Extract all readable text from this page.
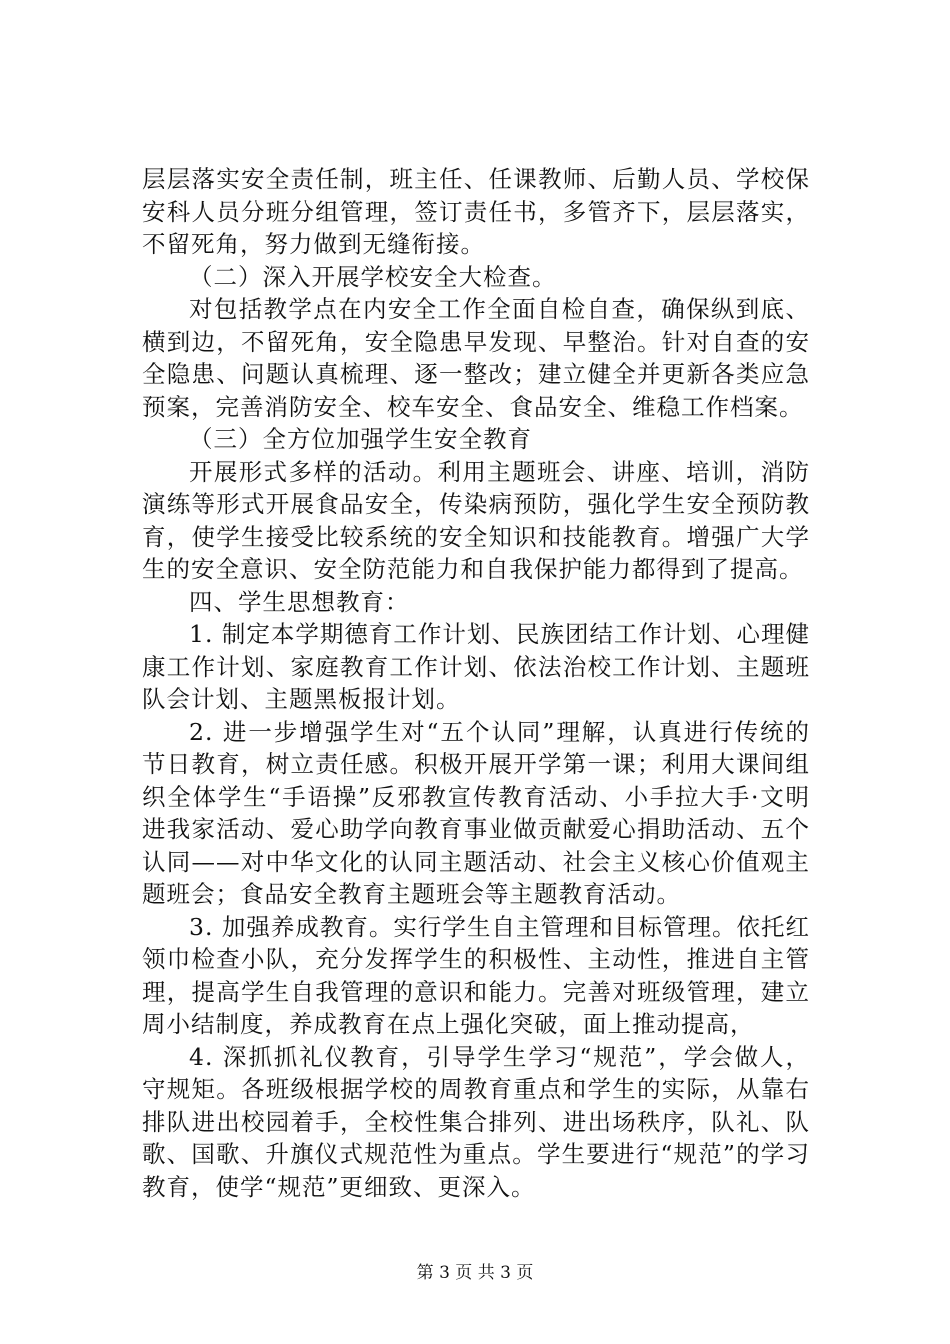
层层落实安全责任制，班主任、任课教师、后勤人员、学校保安科人员分班分组管理，签订责任书，多管齐下，层层落实，不留死角，努力做到无缝衔接。

（二）深入开展学校安全大检查。

对包括教学点在内安全工作全面自检自查，确保纵到底、横到边，不留死角，安全隐患早发现、早整治。针对自查的安全隐患、问题认真梳理、逐一整改；建立健全并更新各类应急预案，完善消防安全、校车安全、食品安全、维稳工作档案。

（三）全方位加强学生安全教育

开展形式多样的活动。利用主题班会、讲座、培训，消防演练等形式开展食品安全，传染病预防，强化学生安全预防教育，使学生接受比较系统的安全知识和技能教育。增强广大学生的安全意识、安全防范能力和自我保护能力都得到了提高。

四、学生思想教育：

1. 制定本学期德育工作计划、民族团结工作计划、心理健康工作计划、家庭教育工作计划、依法治校工作计划、主题班队会计划、主题黑板报计划。

2. 进一步增强学生对“五个认同”理解，认真进行传统的节日教育，树立责任感。积极开展开学第一课；利用大课间组织全体学生“手语操”反邪教宣传教育活动、小手拉大手·文明进我家活动、爱心助学向教育事业做贡献爱心捐助活动、五个认同——对中华文化的认同主题活动、社会主义核心价值观主题班会；食品安全教育主题班会等主题教育活动。

3. 加强养成教育。实行学生自主管理和目标管理。依托红领巾检查小队，充分发挥学生的积极性、主动性，推进自主管理，提高学生自我管理的意识和能力。完善对班级管理，建立周小结制度，养成教育在点上强化突破，面上推动提高，

4. 深抓抓礼仪教育，引导学生学习“规范”，学会做人，守规矩。各班级根据学校的周教育重点和学生的实际，从靠右排队进出校园着手，全校性集合排列、进出场秩序，队礼、队歌、国歌、升旗仪式规范性为重点。学生要进行“规范”的学习教育，使学“规范”更细致、更深入。

第 3 页 共 3 页
